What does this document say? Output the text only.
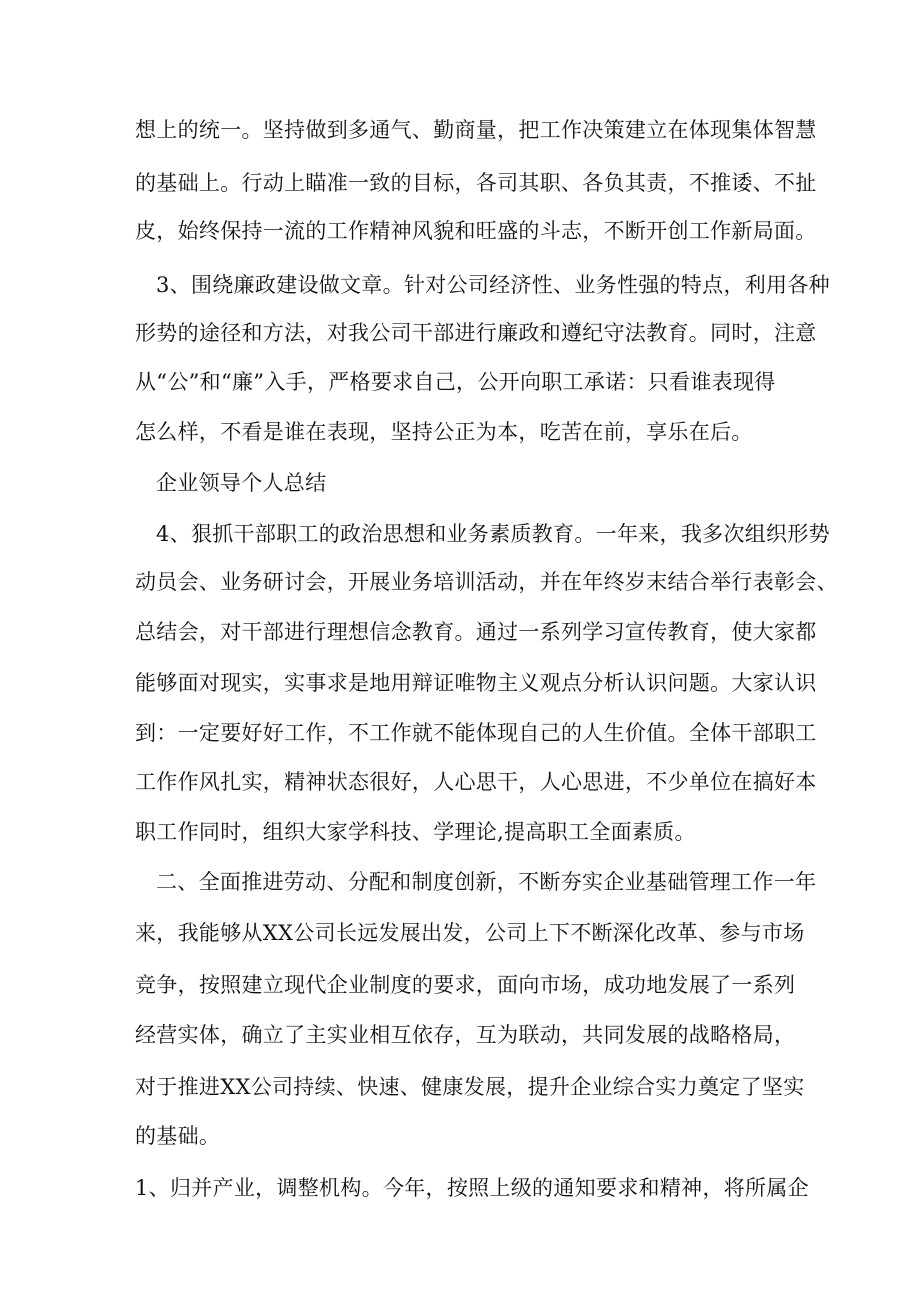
想上的统一。坚持做到多通气、勤商量，把工作决策建立在体现集体智慧
的基础上。行动上瞄准一致的目标，各司其职、各负其责，不推诿、不扯
皮，始终保持一流的工作精神风貌和旺盛的斗志，不断开创工作新局面。
3、围绕廉政建设做文章。针对公司经济性、业务性强的特点，利用各种
形势的途径和方法，对我公司干部进行廉政和遵纪守法教育。同时，注意
从“公”和“廉”入手，严格要求自己，公开向职工承诺：只看谁表现得
怎么样，不看是谁在表现，坚持公正为本，吃苦在前，享乐在后。
企业领导个人总结
4、狠抓干部职工的政治思想和业务素质教育。一年来，我多次组织形势
动员会、业务研讨会，开展业务培训活动，并在年终岁末结合举行表彰会、
总结会，对干部进行理想信念教育。通过一系列学习宣传教育，使大家都
能够面对现实，实事求是地用辩证唯物主义观点分析认识问题。大家认识
到：一定要好好工作，不工作就不能体现自己的人生价值。全体干部职工
工作作风扎实，精神状态很好，人心思干，人心思进，不少单位在搞好本
职工作同时，组织大家学科技、学理论,提高职工全面素质。
二、全面推进劳动、分配和制度创新，不断夯实企业基础管理工作一年
来，我能够从XX公司长远发展出发，公司上下不断深化改革、参与市场
竞争，按照建立现代企业制度的要求，面向市场，成功地发展了一系列
经营实体，确立了主实业相互依存，互为联动，共同发展的战略格局，
对于推进XX公司持续、快速、健康发展，提升企业综合实力奠定了坚实
的基础。
1、归并产业，调整机构。今年，按照上级的通知要求和精神，将所属企
